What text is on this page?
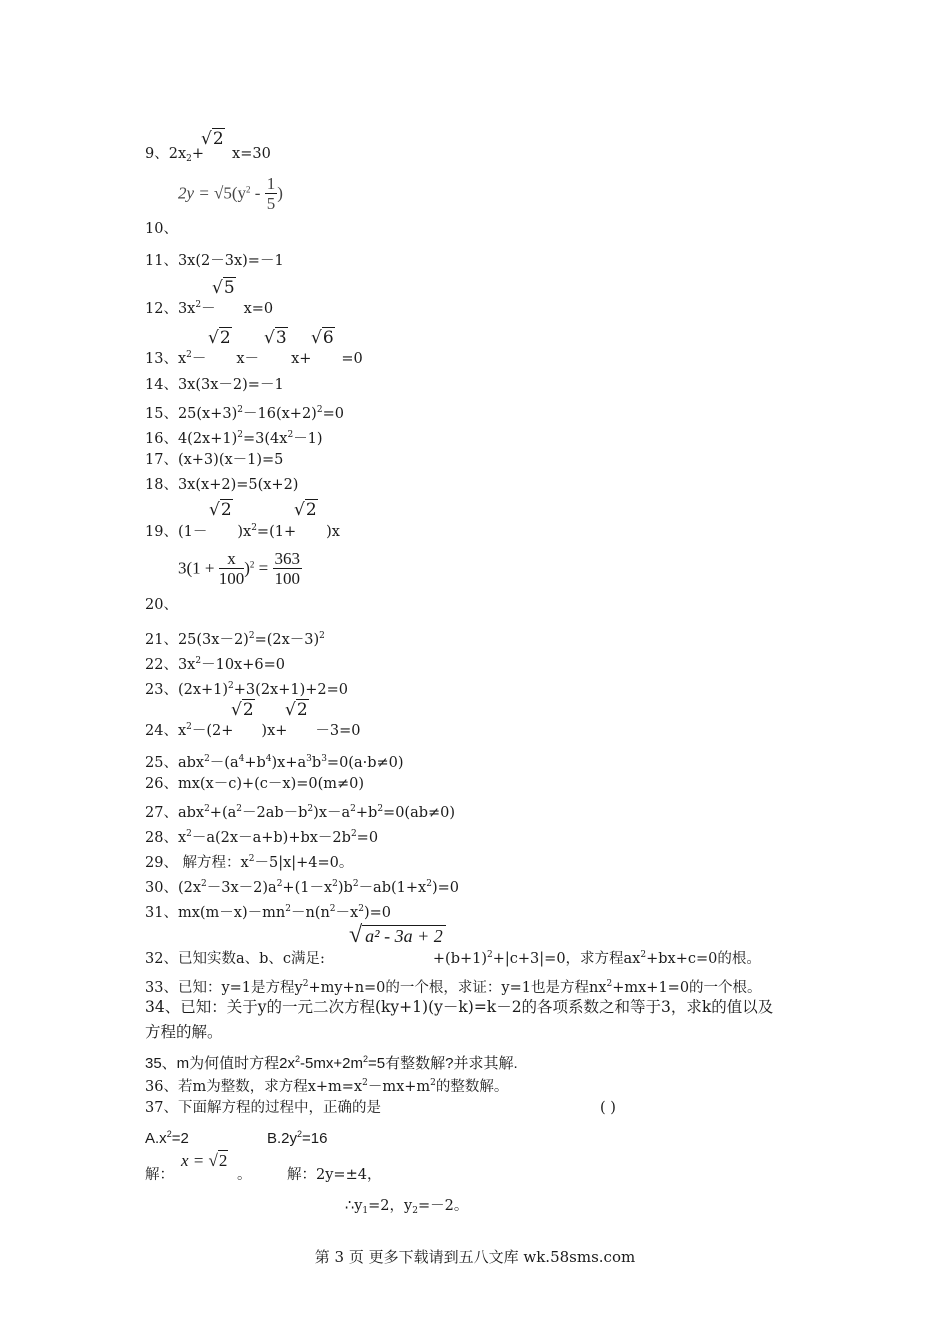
√2
9、$2x_2+ x=30$
$2y = √5(y^2 - \frac{1}{5}$ )
10、
11、3x(2－3x)=－1
√5
12、$3x^2- x=0$
√2 √3 √6
13、$x^2- x- x+ =0$
14、3x(3x－2)=－1
15、$25(x+3)^2-16(x+2)^2=0$
16、$4(2x+1)^2=3(4x^2-1)$
17、(x+3)(x－1)=5
18、3x(x+2)=5(x+2)
√2	√2
19、$(1- )x^2=(1+ )x$
$3(1 + \frac{x}{100} )^2 = \frac{363}{100}$
20、
21、$25(3x-2)^2=(2x-3)^2$
22、$3x^2-10x+6=0$
23、$(2x+1)^2+3(2x+1)+2=0$
√2 √2
24、$x^2-(2+ )x+ -3=0$
25、$abx^2-(a^4+b^4)x+a^3b^3=0(a\cdot b\ne 0)$
26、mx(x－c)+(c－x)=0(m≠0)
27、$abx^2+(a^2-2ab-b^2)x-a^2+b^2=0(ab\ne 0)$
28、$x^2-a(2x-a+b)+bx-2b^2=0$
29、 解方程：$x^2-5|x|+4=0$。
30、$(2x^2-3x-2)a^2+(1-x^2)b^2-ab(1+x^2)=0$
31、$mx(m-x)-mn^2-n(n^2-x^2)=0$
√ a² - 3a + 2
32、已知实数a、b、c满足:	$+(b+1)^2+|c+3|=0$，求方程$ax^2+bx+c=0$的根。
33、已知：y=1是方程$y^2+my+n=0$的一个根，求证：y=1也是方程$nx^2+mx+1=0$的一个根。
34、已知：关于y的一元二次方程(ky+1)(y－k)=k－2的各项系数之和等于3，求k的值以及
方程的解。
35、m为何值时方程$2x^2-5mx+2m^2=5$有整数解?并求其解.
36、若m为整数，求方程$x+m=x^2-mx+m^2$的整数解。
37、下面解方程的过程中，正确的是	( )
$A.x^2=2$	$B.2y^2=16$
解：
x = √2
。 解：2y=±4，
$\therefore y_1=2$，$y_2=-2$。
第 3 页 更多下载请到五八文库 wk.58sms.com
